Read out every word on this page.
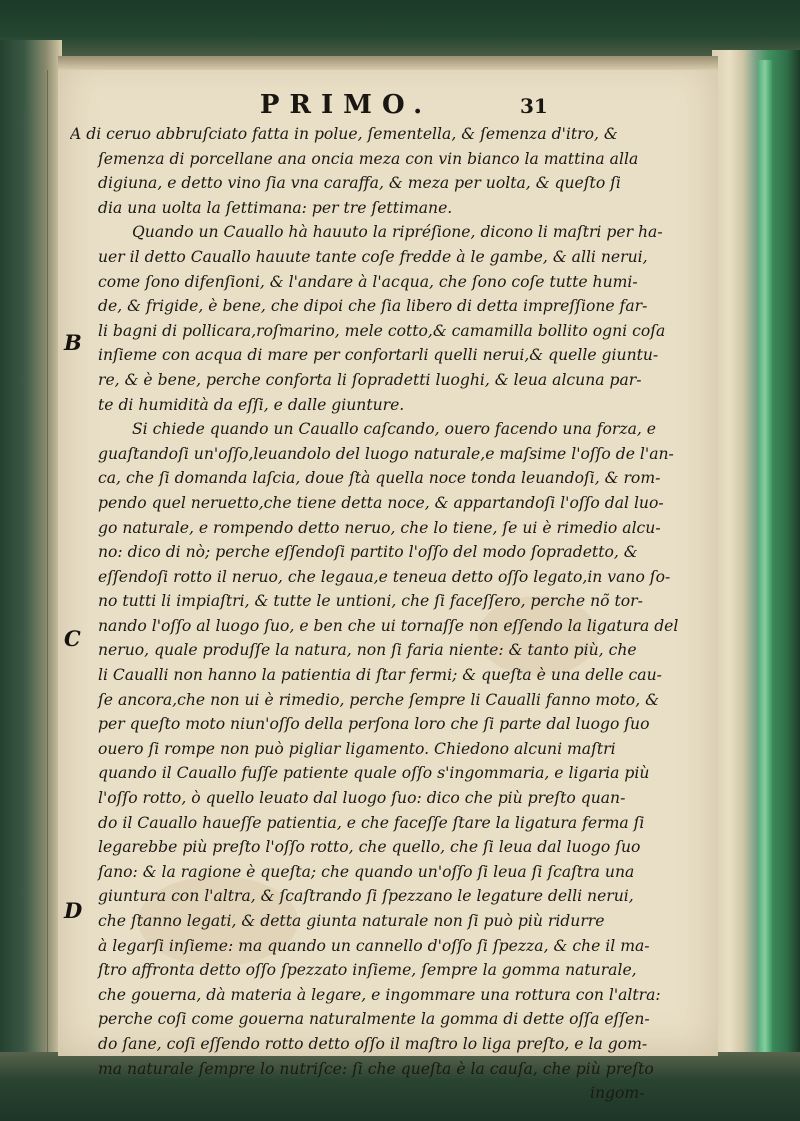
PRIMO.	31
A di ceruo abbruſciato fatta in polue, ſementella, & ſemenza d'itro, &
ſemenza di porcellane ana oncia meza con vin bianco la mattina alla
digiuna, e detto vino ſia vna caraffa, & meza per uolta, & queſto ſi
dia una uolta la ſettimana: per tre ſettimane.
Quando un Cauallo hà hauuto la ripréſione, dicono li maſtri per ha-
uer il detto Cauallo hauute tante coſe fredde à le gambe, & alli nerui,
come ſono difenſioni, & l'andare à l'acqua, che ſono coſe tutte humi-
de, & frigide, è bene, che dipoi che ſia libero di detta impreſſione far-
li bagni di pollicara,roſmarino, mele cotto,& camamilla bollito ogni coſa
inſieme con acqua di mare per confortarli quelli nerui,& quelle giuntu-
re, & è bene, perche conforta li ſopradetti luoghi, & leua alcuna par-
te di humidità da eſſi, e dalle giunture.
Si chiede quando un Cauallo caſcando, ouero facendo una forza, e
guaſtandoſi un'oſſo,leuandolo del luogo naturale,e maſsime l'oſſo de l'an-
ca, che ſi domanda laſcia, doue ſtà quella noce tonda leuandoſi, & rom-
pendo quel neruetto,che tiene detta noce, & appartandoſi l'oſſo dal luo-
go naturale, e rompendo detto neruo, che lo tiene, ſe ui è rimedio alcu-
no: dico di nò; perche eſſendoſi partito l'oſſo del modo ſopradetto, &
eſſendoſi rotto il neruo, che legaua,e teneua detto oſſo legato,in vano ſo-
no tutti li impiaſtri, & tutte le untioni, che ſi faceſſero, perche nõ tor-
nando l'oſſo al luogo ſuo, e ben che ui tornaſſe non eſſendo la ligatura del
neruo, quale produſſe la natura, non ſi faria niente: & tanto più, che
li Caualli non hanno la patientia di ſtar fermi; & queſta è una delle cau-
ſe ancora,che non ui è rimedio, perche ſempre li Caualli fanno moto, &
per queſto moto niun'oſſo della perſona loro che ſi parte dal luogo ſuo
ouero ſi rompe non può pigliar ligamento. Chiedono alcuni maſtri
quando il Cauallo fuſſe patiente quale oſſo s'ingommaria, e ligaria più
l'oſſo rotto, ò quello leuato dal luogo ſuo: dico che più preſto quan-
do il Cauallo haueſſe patientia, e che faceſſe ſtare la ligatura ferma ſi
legarebbe più preſto l'oſſo rotto, che quello, che ſi leua dal luogo ſuo
ſano: & la ragione è queſta; che quando un'oſſo ſi leua ſi ſcaſtra una
giuntura con l'altra, & ſcaſtrando ſi ſpezzano le legature delli nerui,
che ſtanno legati, & detta giunta naturale non ſi può più ridurre
à legarſi inſieme: ma quando un cannello d'oſſo ſi ſpezza, & che il ma-
ſtro affronta detto oſſo ſpezzato inſieme, ſempre la gomma naturale,
che gouerna, dà materia à legare, e ingommare una rottura con l'altra:
perche coſi come gouerna naturalmente la gomma di dette oſſa eſſen-
do ſane, coſi eſſendo rotto detto oſſo il maſtro lo liga preſto, e la gom-
ma naturale ſempre lo nutriſce: ſi che queſta è la cauſa, che più preſto
ingom-
B
C
D
